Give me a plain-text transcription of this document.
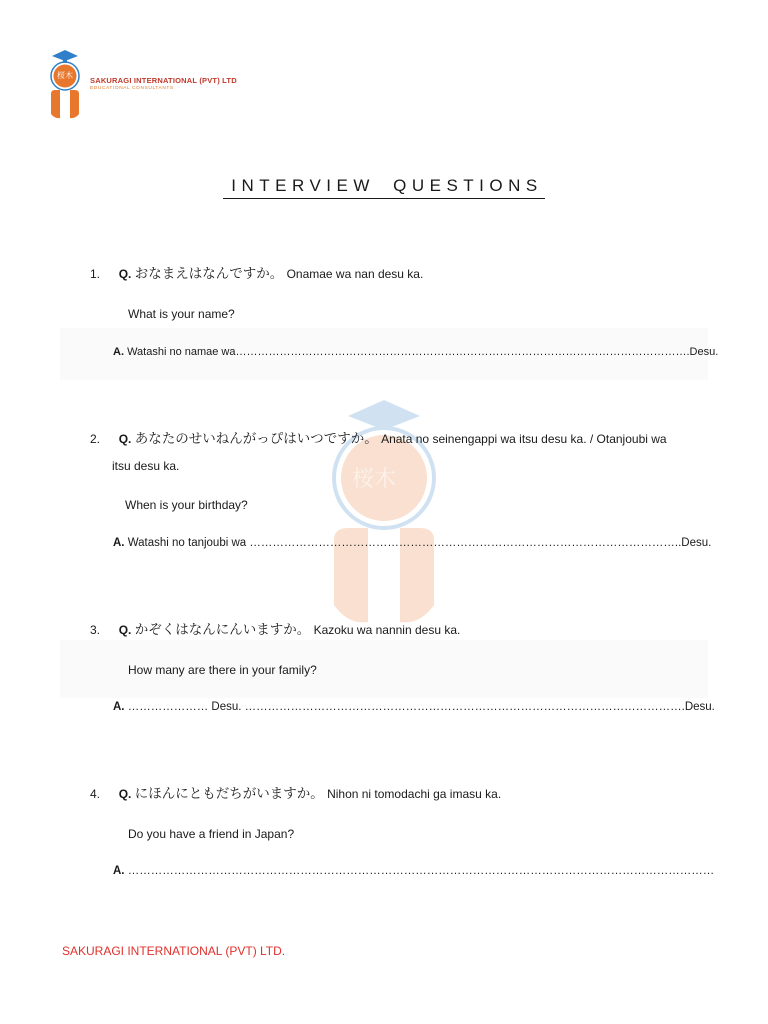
桜木
SAKURAGI INTERNATIONAL (PVT) LTD
EDUCATIONAL CONSULTANTS
桜木
INTERVIEW QUESTIONS
1. Q. おなまえはなんですか。 Onamae wa nan desu ka.
What is your name?
A. Watashi no namae wa…………………………………………………………………………………………………………….Desu.
2. Q. あなたのせいねんがっぴはいつですか。 Anata no seinengappi wa itsu desu ka. / Otanjoubi wa
itsu desu ka.
When is your birthday?
A. Watashi no tanjoubi wa …………………………………………………………………………………………………..Desu.
3. Q. かぞくはなんにんいますか。 Kazoku wa nannin desu ka.
How many are there in your family?
A. ………………… Desu. …………………………………………………………………………………………………….Desu.
4. Q. にほんにともだちがいますか。 Nihon ni tomodachi ga imasu ka.
Do you have a friend in Japan?
A. ………………………………………………………………………………………………………………………………………
SAKURAGI INTERNATIONAL (PVT) LTD.
